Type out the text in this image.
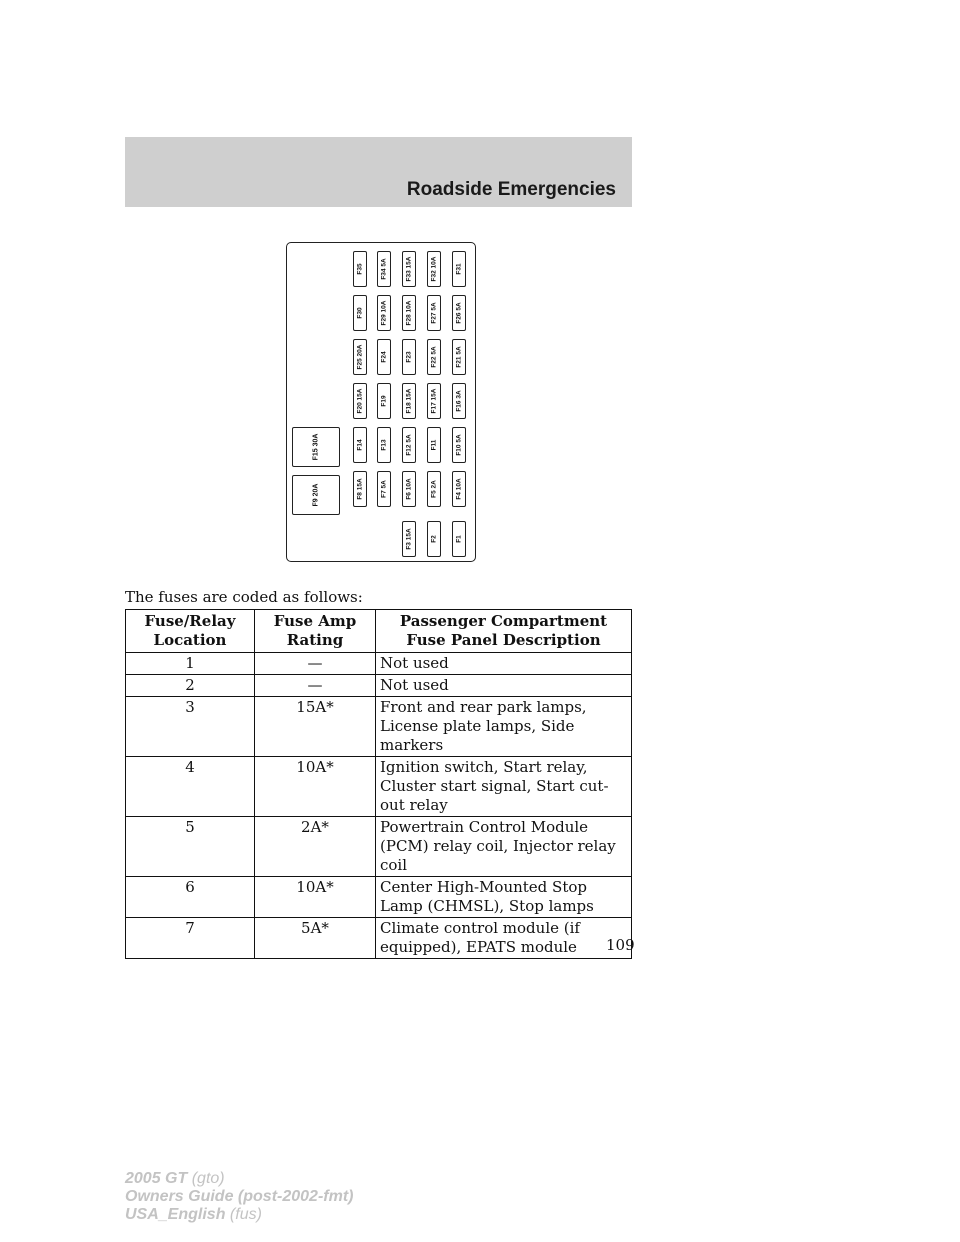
Roadside Emergencies
F15 30A
F9 20A
F35
F30
F25 20A
F20 15A
F14
F8 15A
F34 5A
F29 10A
F24
F19
F13
F7 5A
F33 15A
F28 10A
F23
F18 15A
F12 5A
F6 10A
F3 15A
F32 10A
F27 5A
F22 5A
F17 15A
F11
F5 2A
F2
F31
F26 5A
F21 5A
F16 3A
F10 5A
F4 10A
F1
The fuses are coded as follows:
Fuse/Relay Location	Fuse Amp Rating	Passenger Compartment Fuse Panel Description
1	—	Not used
2	—	Not used
3	15A*	Front and rear park lamps, License plate lamps, Side markers
4	10A*	Ignition switch, Start relay, Cluster start signal, Start cut-out relay
5	2A*	Powertrain Control Module (PCM) relay coil, Injector relay coil
6	10A*	Center High-Mounted Stop Lamp (CHMSL), Stop lamps
7	5A*	Climate control module (if equipped), EPATS module 109
2005 GT (gto)
Owners Guide (post-2002-fmt)
USA_English (fus)
